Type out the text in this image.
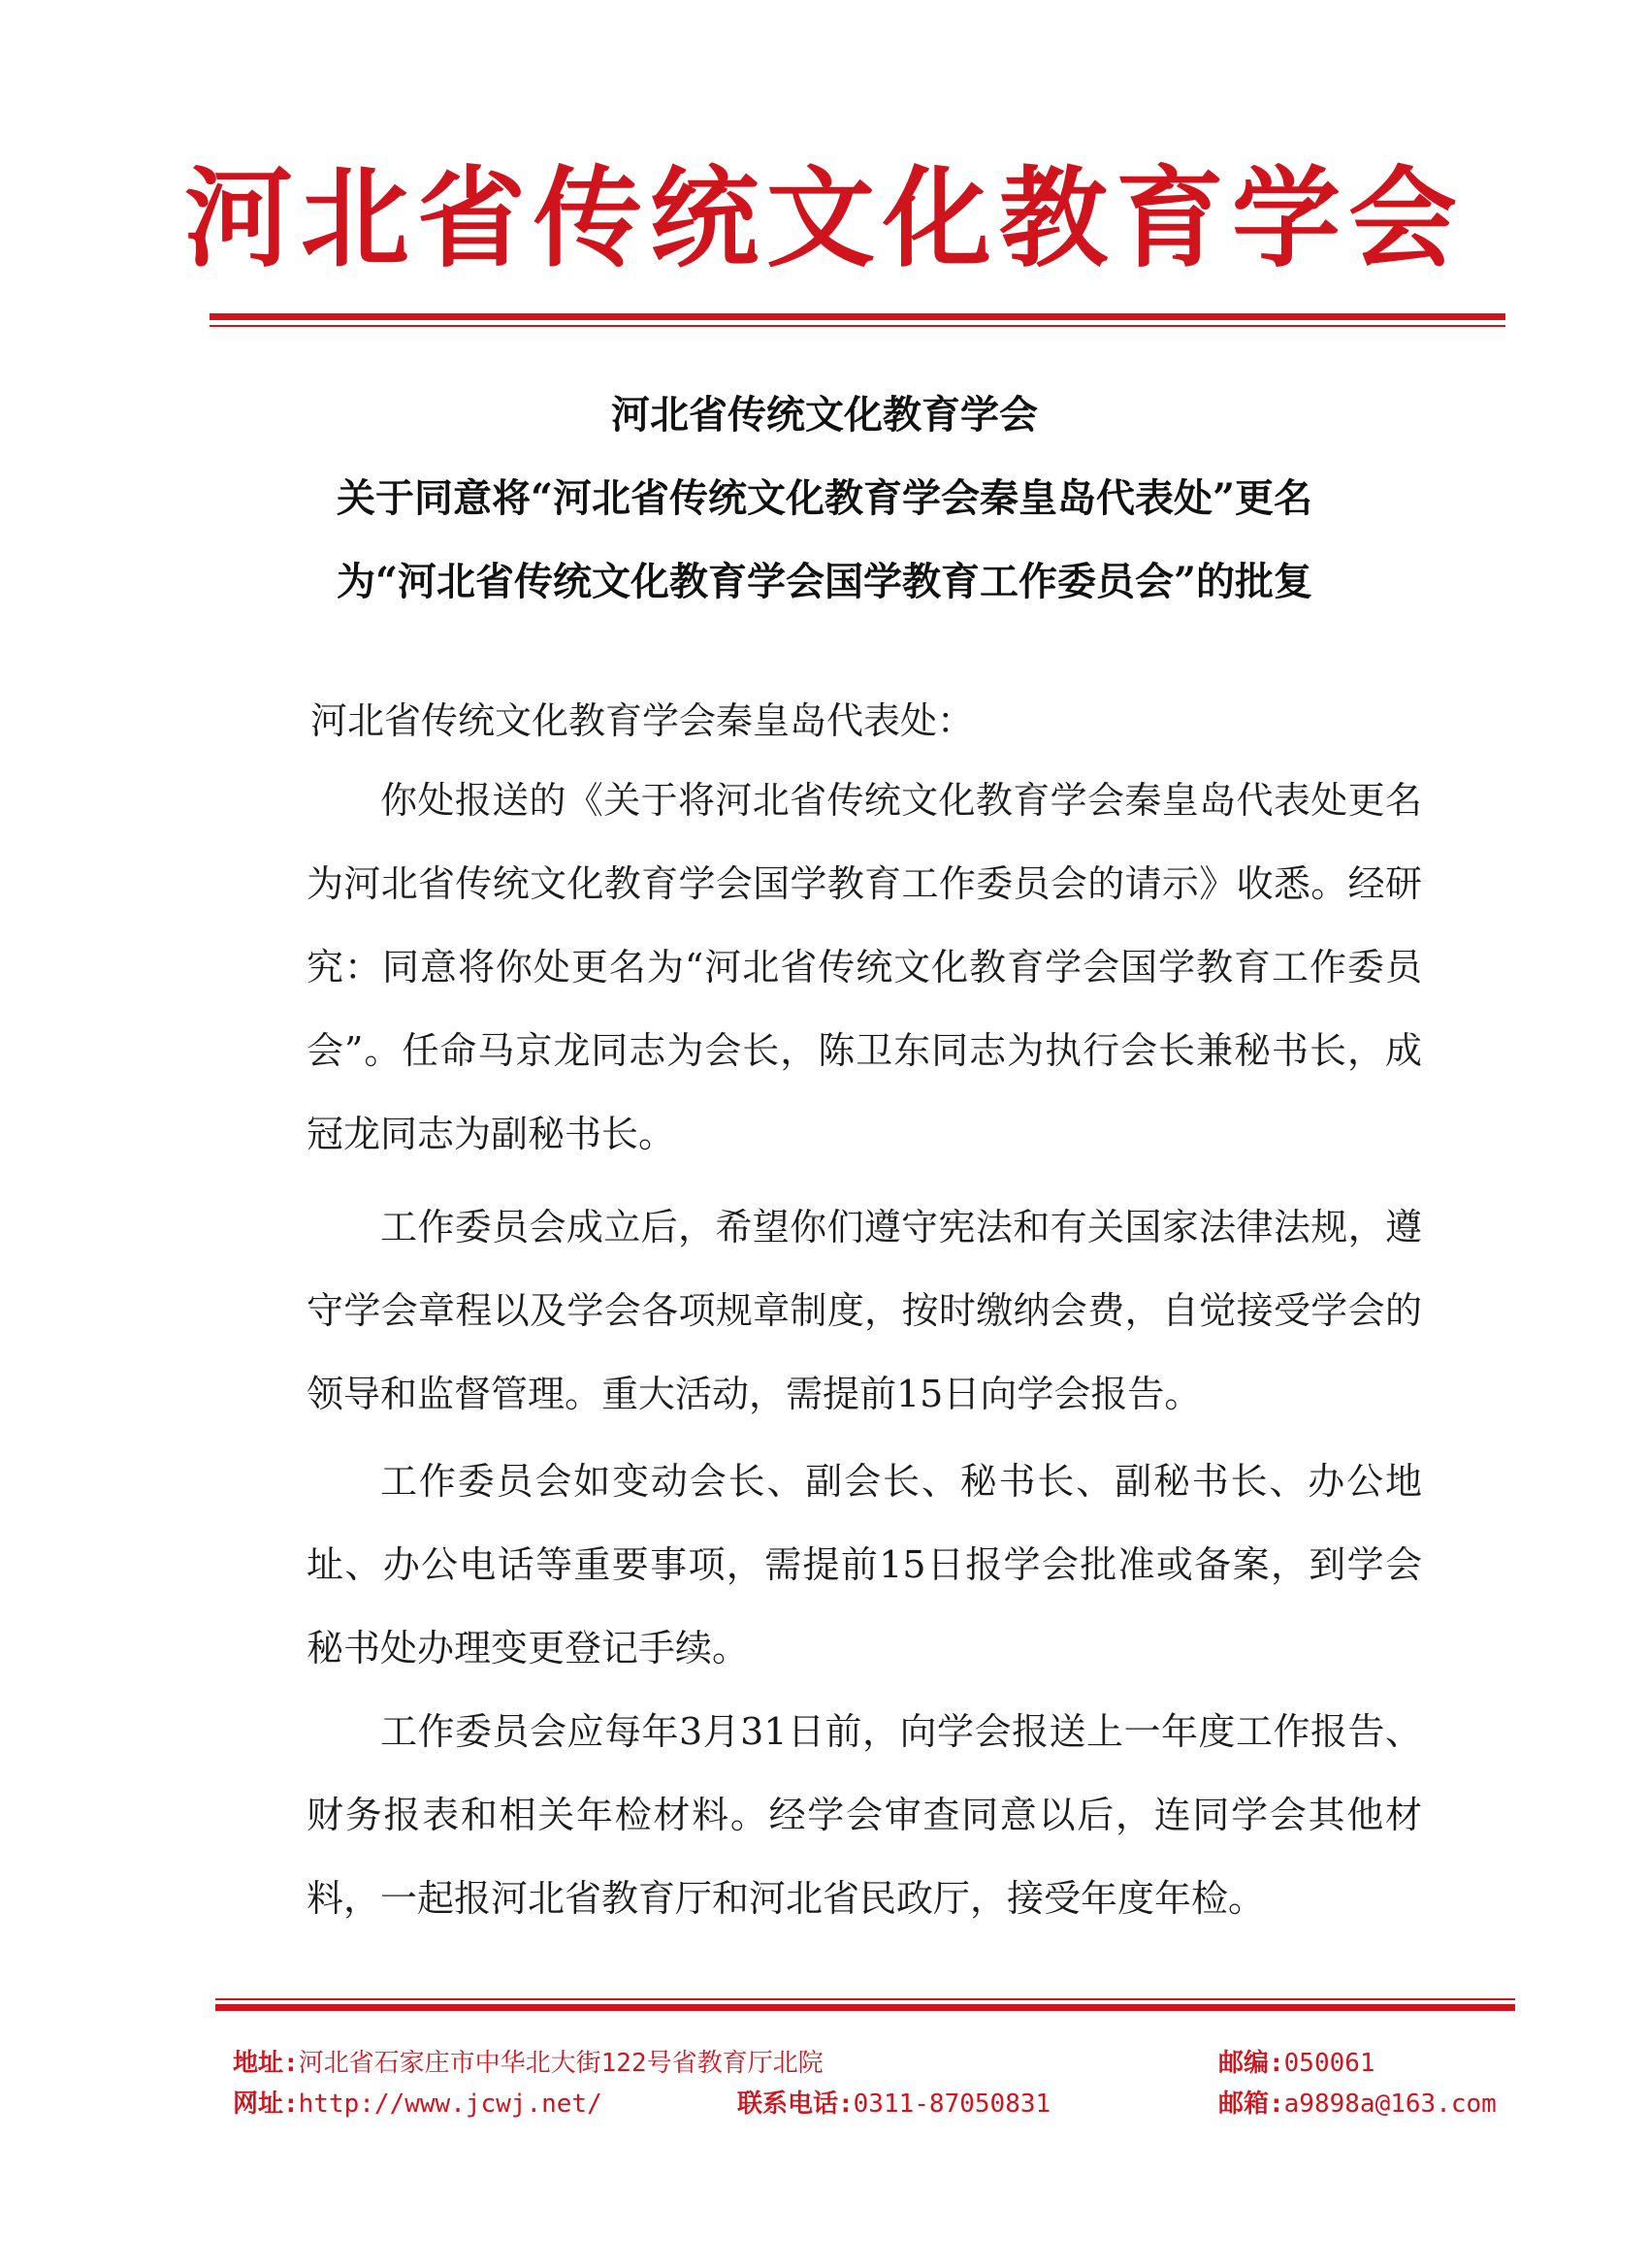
河北省传统文化教育学会
河北省传统文化教育学会
关于同意将“河北省传统文化教育学会秦皇岛代表处”更名
为“河北省传统文化教育学会国学教育工作委员会”的批复
河北省传统文化教育学会秦皇岛代表处：
你处报送的《关于将河北省传统文化教育学会秦皇岛代表处更名为河北省传统文化教育学会国学教育工作委员会的请示》收悉。经研究：同意将你处更名为“河北省传统文化教育学会国学教育工作委员会”。任命马京龙同志为会长，陈卫东同志为执行会长兼秘书长，成冠龙同志为副秘书长。
工作委员会成立后，希望你们遵守宪法和有关国家法律法规，遵守学会章程以及学会各项规章制度，按时缴纳会费，自觉接受学会的领导和监督管理。重大活动，需提前15日向学会报告。
工作委员会如变动会长、副会长、秘书长、副秘书长、办公地址、办公电话等重要事项，需提前15日报学会批准或备案，到学会秘书处办理变更登记手续。
工作委员会应每年3月31日前，向学会报送上一年度工作报告、财务报表和相关年检材料。经学会审查同意以后，连同学会其他材料，一起报河北省教育厅和河北省民政厅，接受年度年检。
地址:河北省石家庄市中华北大街122号省教育厅北院	邮编:050061
网址:http://www.jcwj.net/	联系电话:0311-87050831	邮箱:a9898a@163.com
